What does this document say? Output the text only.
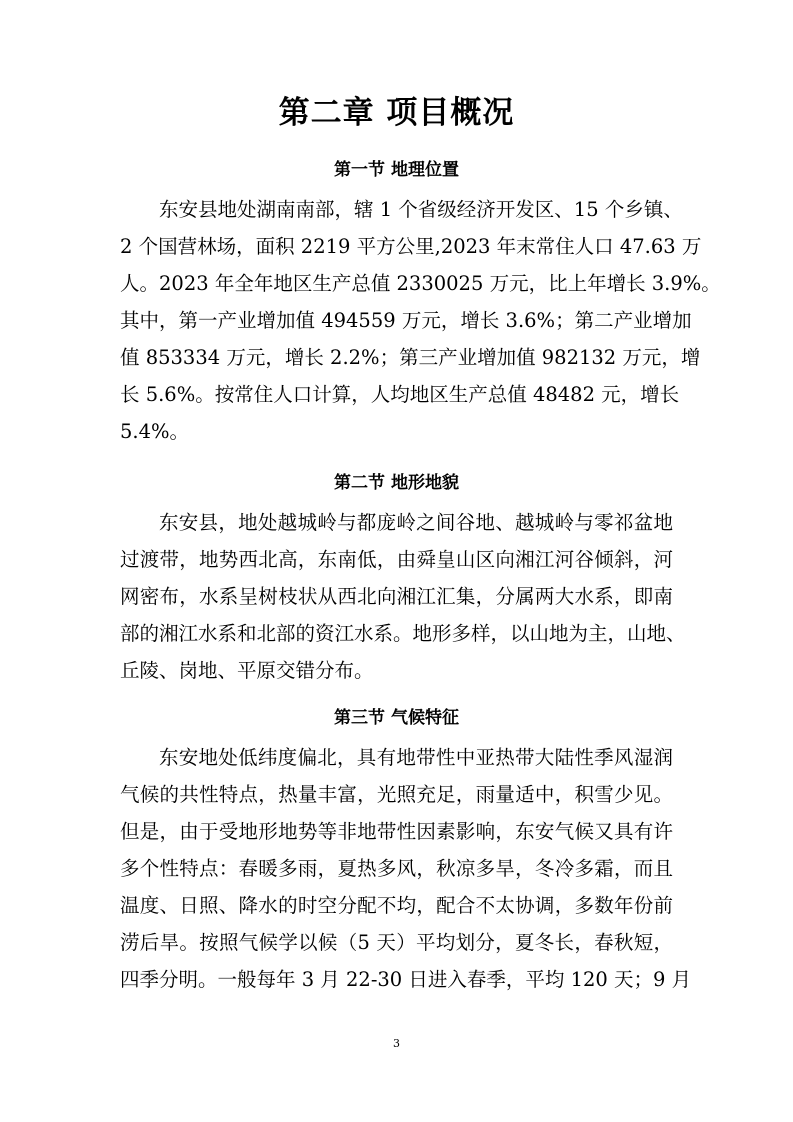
第二章 项目概况
第一节 地理位置
东安县地处湖南南部，辖 1 个省级经济开发区、15 个乡镇、
2 个国营林场，面积 2219 平方公里,2023 年末常住人口 47.63 万
人。2023 年全年地区生产总值 2330025 万元，比上年增长 3.9%。
其中，第一产业增加值 494559 万元，增长 3.6%；第二产业增加
值 853334 万元，增长 2.2%；第三产业增加值 982132 万元，增
长 5.6%。按常住人口计算，人均地区生产总值 48482 元，增长
5.4%。
第二节 地形地貌
东安县，地处越城岭与都庞岭之间谷地、越城岭与零祁盆地
过渡带，地势西北高，东南低，由舜皇山区向湘江河谷倾斜，河
网密布，水系呈树枝状从西北向湘江汇集，分属两大水系，即南
部的湘江水系和北部的资江水系。地形多样，以山地为主，山地、
丘陵、岗地、平原交错分布。
第三节 气候特征
东安地处低纬度偏北，具有地带性中亚热带大陆性季风湿润
气候的共性特点，热量丰富，光照充足，雨量适中，积雪少见。
但是，由于受地形地势等非地带性因素影响，东安气候又具有许
多个性特点：春暖多雨，夏热多风，秋凉多旱，冬冷多霜，而且
温度、日照、降水的时空分配不均，配合不太协调，多数年份前
涝后旱。按照气候学以候（5 天）平均划分，夏冬长，春秋短，
四季分明。一般每年 3 月 22-30 日进入春季，平均 120 天；9 月
3
